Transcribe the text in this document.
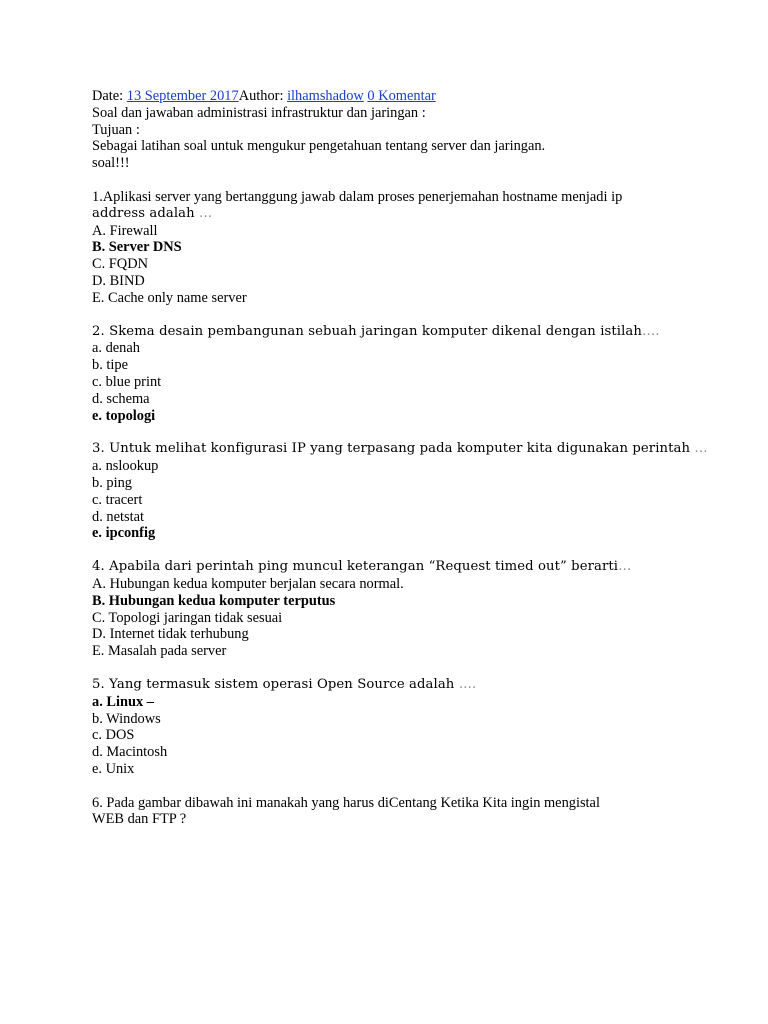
Date: 13 September 2017Author: ilhamshadow 0 Komentar

Soal dan jawaban administrasi infrastruktur dan jaringan :

Tujuan :

Sebagai latihan soal untuk mengukur pengetahuan tentang server dan jaringan.

soal!!!

1.Aplikasi server yang bertanggung jawab dalam proses penerjemahan hostname menjadi ip
address adalah …
A. Firewall
B. Server DNS
C. FQDN
D. BIND
E. Cache only name server
2. Skema desain pembangunan sebuah jaringan komputer dikenal dengan istilah….
a. denah
b. tipe
c. blue print
d. schema
e. topologi
3. Untuk melihat konfigurasi IP yang terpasang pada komputer kita digunakan perintah …
a. nslookup
b. ping
c. tracert
d. netstat
e. ipconfig
4. Apabila dari perintah ping muncul keterangan “Request timed out” berarti…
A. Hubungan kedua komputer berjalan secara normal.
B. Hubungan kedua komputer terputus
C. Topologi jaringan tidak sesuai
D. Internet tidak terhubung
E. Masalah pada server
5. Yang termasuk sistem operasi Open Source adalah ….
a. Linux –
b. Windows
c. DOS
d. Macintosh
e. Unix
6. Pada gambar dibawah ini manakah yang harus diCentang Ketika Kita ingin mengistal
WEB dan FTP ?
